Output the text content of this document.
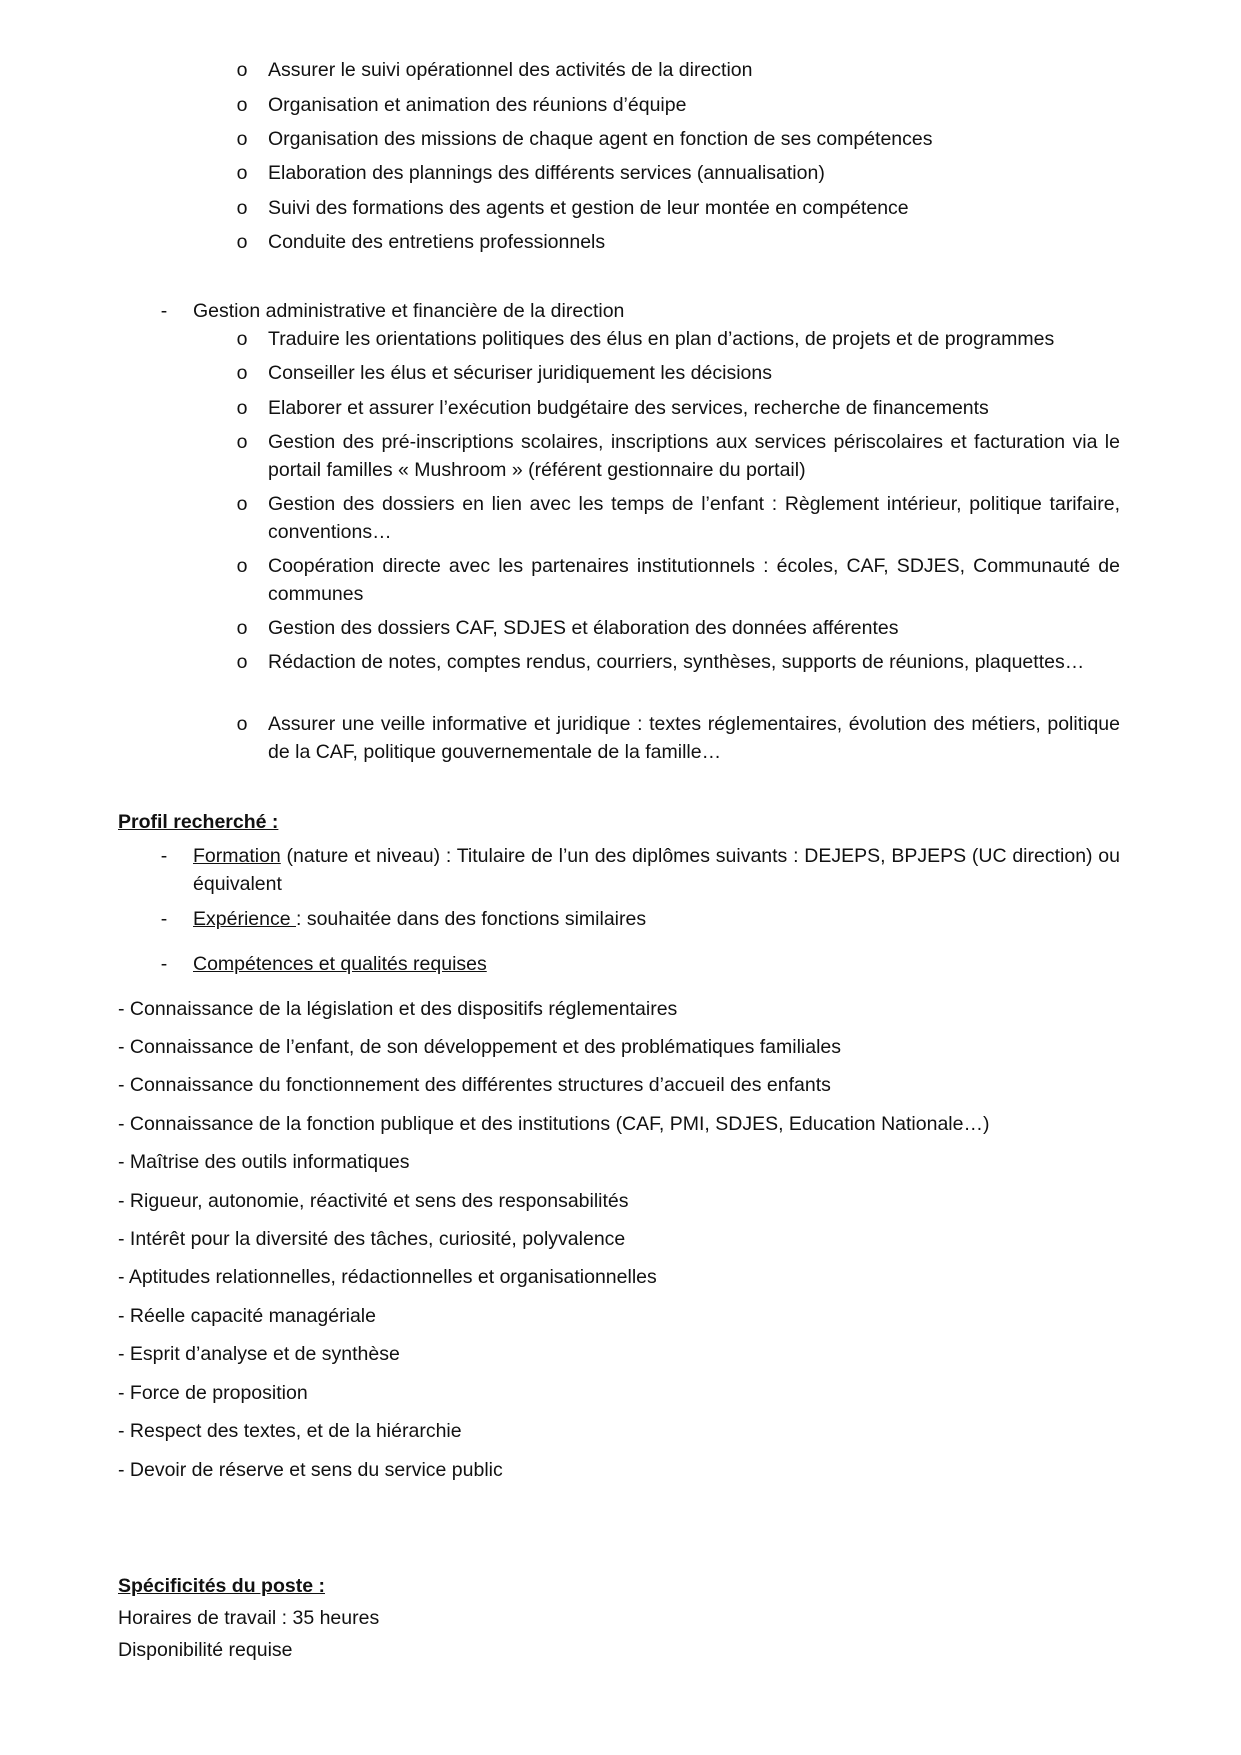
o Assurer le suivi opérationnel des activités de la direction
o Organisation et animation des réunions d’équipe
o Organisation des missions de chaque agent en fonction de ses compétences
o Elaboration des plannings des différents services (annualisation)
o Suivi des formations des agents et gestion de leur montée en compétence
o Conduite des entretiens professionnels
- Gestion administrative et financière de la direction
o Traduire les orientations politiques des élus en plan d’actions, de projets et de programmes
o Conseiller les élus et sécuriser juridiquement les décisions
o Elaborer et assurer l’exécution budgétaire des services, recherche de financements
o Gestion des pré-inscriptions scolaires, inscriptions aux services périscolaires et facturation via le portail familles « Mushroom » (référent gestionnaire du portail)
o Gestion des dossiers en lien avec les temps de l’enfant : Règlement intérieur, politique tarifaire, conventions…
o Coopération directe avec les partenaires institutionnels : écoles, CAF, SDJES, Communauté de communes
o Gestion des dossiers CAF, SDJES et élaboration des données afférentes
o Rédaction de notes, comptes rendus, courriers, synthèses, supports de réunions, plaquettes…
o Assurer une veille informative et juridique : textes réglementaires, évolution des métiers, politique de la CAF, politique gouvernementale de la famille…
Profil recherché :
- Formation (nature et niveau) : Titulaire de l’un des diplômes suivants : DEJEPS, BPJEPS (UC direction) ou équivalent
- Expérience : souhaitée dans des fonctions similaires
- Compétences et qualités requises
- Connaissance de la législation et des dispositifs réglementaires
- Connaissance de l’enfant, de son développement et des problématiques familiales
- Connaissance du fonctionnement des différentes structures d’accueil des enfants
- Connaissance de la fonction publique et des institutions (CAF, PMI, SDJES, Education Nationale…)
- Maîtrise des outils informatiques
- Rigueur, autonomie, réactivité et sens des responsabilités
- Intérêt pour la diversité des tâches, curiosité, polyvalence
- Aptitudes relationnelles, rédactionnelles et organisationnelles
- Réelle capacité managériale
- Esprit d’analyse et de synthèse
- Force de proposition
- Respect des textes, et de la hiérarchie
- Devoir de réserve et sens du service public
Spécificités du poste :
Horaires de travail : 35 heures
Disponibilité requise
